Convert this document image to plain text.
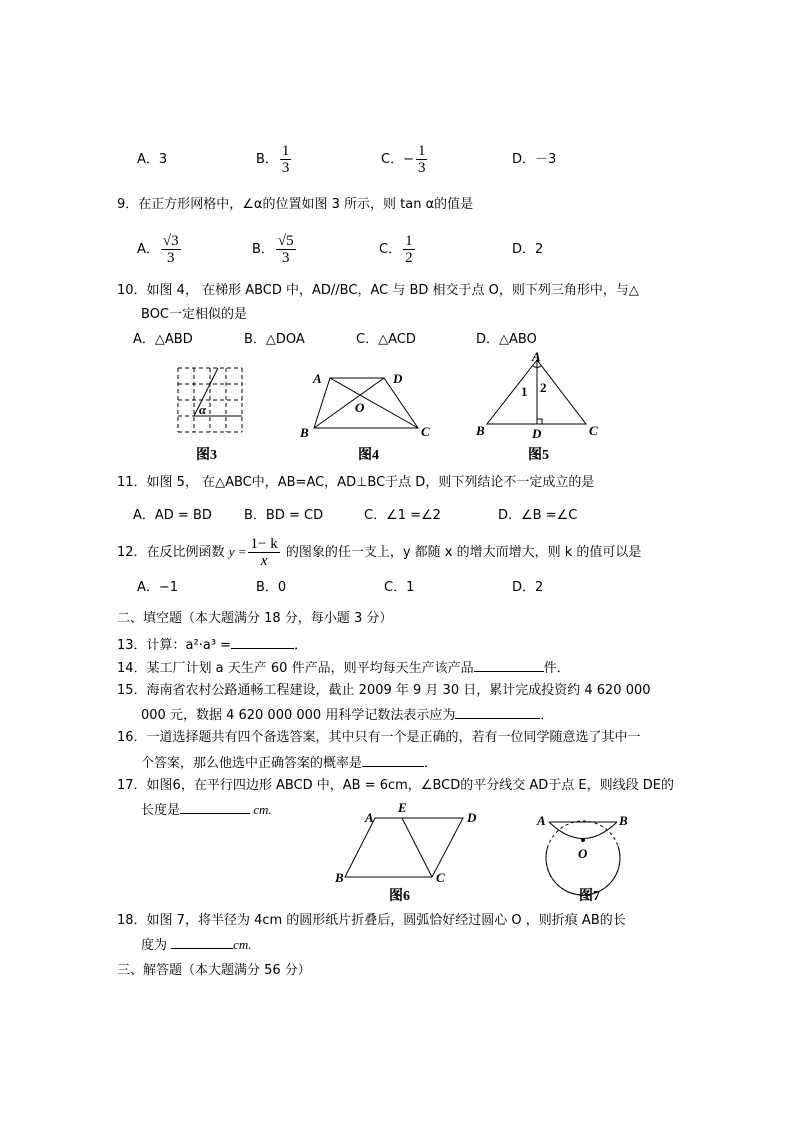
A．3	B． $\frac{1}{3}$	C．− $\frac{1}{3}$	D．－3
9．在正方形网格中，∠α的位置如图 3 所示，则 tan α的值是
A． $\frac{√3}{3}$	B． $\frac{√5}{3}$	C． $\frac{1}{2}$	D．2
10．如图 4， 在梯形 ABCD 中，AD//BC，AC 与 BD 相交于点 O，则下列三角形中，与△
BOC一定相似的是
A．△ABD	B．△DOA	C．△ACD	D．△ABO
α
A	D
B	C
O
A
B	C
D
1 2
A
E
D
B	C
A	B
O
图3	图4	图5
图6	图7
11．如图 5， 在△ABC中，AB=AC，AD⊥BC于点 D，则下列结论不一定成立的是
A．AD = BD B．BD = CD	C．∠1 =∠2	D．∠B =∠C
12．在反比例函数 $y = \frac{1- k}{x}$ 的图象的任一支上，y 都随 x 的增大而增大，则 k 的值可以是
A．−1	B．0	C．1	D．2
二、填空题（本大题满分 18 分，每小题 3 分）
13．计算：a²·a³ =	．
14．某工厂计划 a 天生产 60 件产品，则平均每天生产该产品	件．
15．海南省农村公路通畅工程建设，截止 2009 年 9 月 30 日，累计完成投资约 4 620 000
000 元，数据 4 620 000 000 用科学记数法表示应为	．
16．一道选择题共有四个备选答案，其中只有一个是正确的，若有一位同学随意选了其中一
个答案，那么他选中正确答案的概率是	．
17．如图6，在平行四边形 ABCD 中，AB = 6cm，∠BCD的平分线交 AD于点 E，则线段 DE的
长度是	cm.
18．如图 7，将半径为 4cm 的圆形纸片折叠后，圆弧恰好经过圆心 O ，则折痕 AB的长
度为	cm.
三、解答题（本大题满分 56 分）
